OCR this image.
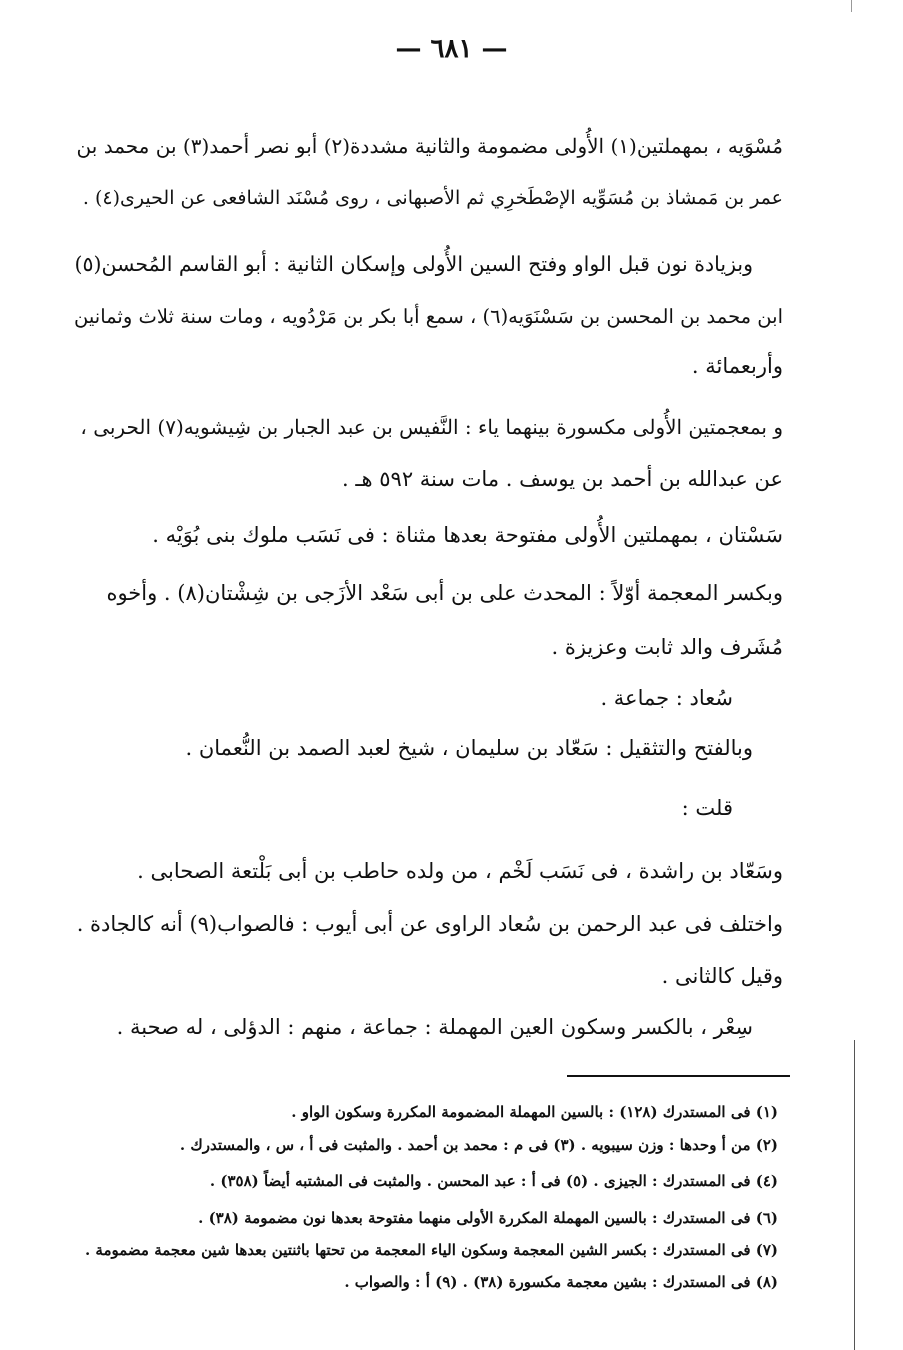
— ٦٨١ —
مُسْوَيه ، بمهملتين(١) الأُولى مضمومة والثانية مشددة(٢) أبو نصر أحمد(٣) بن محمد بن
عمر بن مَمشاذ بن مُسَوِّيه الإصْطَخرِي ثم الأصبهانى ، روى مُسْنَد الشافعى عن الحيرى(٤) .
وبزيادة نون قبل الواو وفتح السين الأُولى وإسكان الثانية : أبو القاسم المُحسن(٥)
ابن محمد بن المحسن بن سَسْنَوَيه(٦) ، سمع أبا بكر بن مَرْدُويه ، ومات سنة ثلاث وثمانين
وأربعمائة .
و بمعجمتين الأُولى مكسورة بينهما ياء : النَّفيس بن عبد الجبار بن شِيشويه(٧) الحربى ،
عن عبدالله بن أحمد بن يوسف . مات سنة ٥٩٢ هـ .
سَسْتان ، بمهملتين الأُولى مفتوحة بعدها مثناة : فى نَسَب ملوك بنى بُوَيْه .
وبكسر المعجمة أوّلاً : المحدث على بن أبى سَعْد الأزَجى بن شِشْتان(٨) . وأخوه
مُشَرف والد ثابت وعزيزة .
سُعاد : جماعة .
وبالفتح والتثقيل : سَعّاد بن سليمان ، شيخ لعبد الصمد بن النُّعمان .
قلت :
وسَعّاد بن راشدة ، فى نَسَب لَخْم ، من ولده حاطب بن أبى بَلْتعة الصحابى .
واختلف فى عبد الرحمن بن سُعاد الراوى عن أبى أيوب : فالصواب(٩) أنه كالجادة .
وقيل كالثانى .
سِعْر ، بالكسر وسكون العين المهملة : جماعة ، منهم : الدؤلى ، له صحبة .
(١) فى المستدرك (١٢٨) : بالسين المهملة المضمومة المكررة وسكون الواو .
(٢) من أ وحدها : وزن سيبويه . (٣) فى م : محمد بن أحمد . والمثبت فى أ ، س ، والمستدرك .
(٤) فى المستدرك : الجيزى . (٥) فى أ : عبد المحسن . والمثبت فى المشتبه أيضاً (٣٥٨) .
(٦) فى المستدرك : بالسين المهملة المكررة الأولى منهما مفتوحة بعدها نون مضمومة (٣٨) .
(٧) فى المستدرك : بكسر الشين المعجمة وسكون الياء المعجمة من تحتها باثنتين بعدها شين معجمة مضمومة .
(٨) فى المستدرك : بشين معجمة مكسورة (٣٨) . (٩) أ : والصواب .
